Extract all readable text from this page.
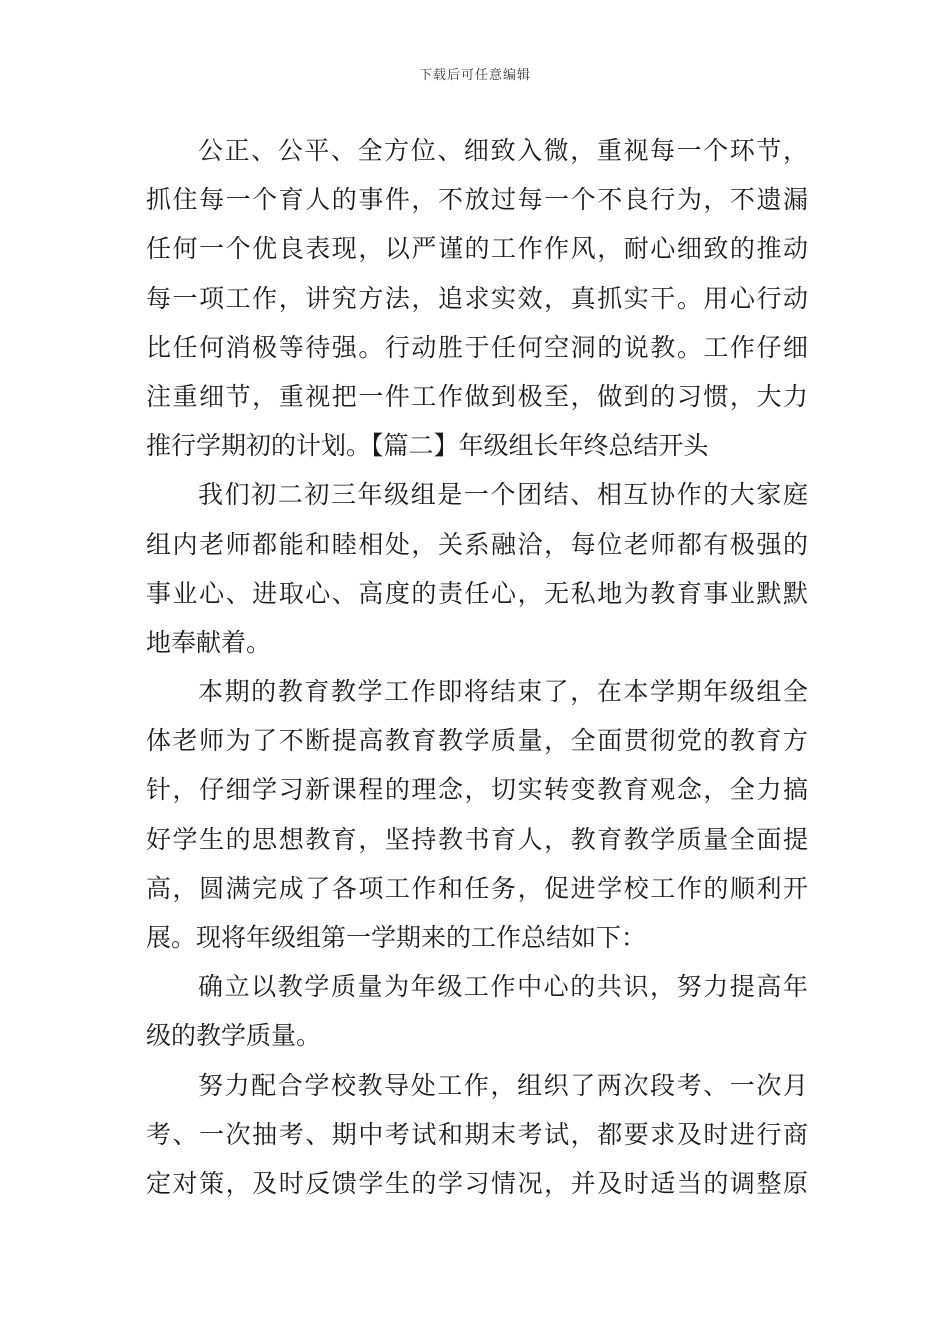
下载后可任意编辑
公正、公平、全方位、细致入微，重视每一个环节，
抓住每一个育人的事件，不放过每一个不良行为，不遗漏
任何一个优良表现，以严谨的工作作风，耐心细致的推动
每一项工作，讲究方法，追求实效，真抓实干。用心行动
比任何消极等待强。行动胜于任何空洞的说教。工作仔细
注重细节，重视把一件工作做到极至，做到的习惯，大力
推行学期初的计划。【篇二】年级组长年终总结开头
我们初二初三年级组是一个团结、相互协作的大家庭
组内老师都能和睦相处，关系融洽，每位老师都有极强的
事业心、进取心、高度的责任心，无私地为教育事业默默
地奉献着。
本期的教育教学工作即将结束了，在本学期年级组全
体老师为了不断提高教育教学质量，全面贯彻党的教育方
针，仔细学习新课程的理念，切实转变教育观念，全力搞
好学生的思想教育，坚持教书育人，教育教学质量全面提
高，圆满完成了各项工作和任务，促进学校工作的顺利开
展。现将年级组第一学期来的工作总结如下：
确立以教学质量为年级工作中心的共识，努力提高年
级的教学质量。
努力配合学校教导处工作，组织了两次段考、一次月
考、一次抽考、期中考试和期末考试，都要求及时进行商
定对策，及时反馈学生的学习情况，并及时适当的调整原
